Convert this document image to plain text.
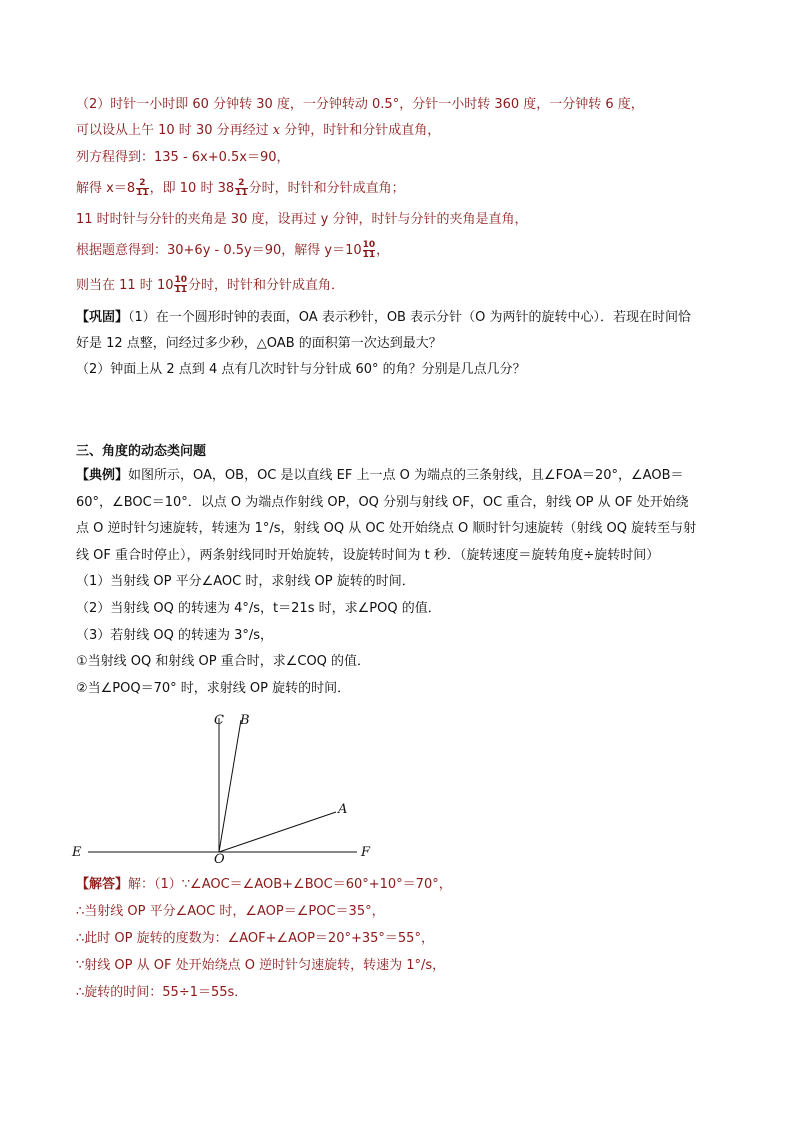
（2）时针一小时即 60 分钟转 30 度，一分钟转动 0.5°，分针一小时转 360 度，一分钟转 6 度，
可以设从上午 10 时 30 分再经过 x 分钟，时针和分针成直角，
列方程得到：135 - 6x+0.5x＝90，
解得 $x=8 \frac{2}{11}$ ，即 10 时 $38 \frac{2}{11}$ 分时，时针和分针成直角；
11 时时针与分针的夹角是 30 度，设再过 y 分钟，时针与分针的夹角是直角，
根据题意得到：30+6y - 0.5y＝90，解得 $y=10 \frac{10}{11}$ ，
则当在 11 时 $10 \frac{10}{11}$ 分时，时针和分针成直角．
【巩固】（1）在一个圆形时钟的表面，OA 表示秒针，OB 表示分针（O 为两针的旋转中心）．若现在时间恰
好是 12 点整，问经过多少秒，△OAB 的面积第一次达到最大？
（2）钟面上从 2 点到 4 点有几次时针与分针成 60° 的角？分别是几点几分？
三、角度的动态类问题
【典例】如图所示，OA，OB，OC 是以直线 EF 上一点 O 为端点的三条射线，且∠FOA＝20°，∠AOB＝
60°，∠BOC＝10°．以点 O 为端点作射线 OP，OQ 分别与射线 OF，OC 重合，射线 OP 从 OF 处开始绕
点 O 逆时针匀速旋转，转速为 1°/s，射线 OQ 从 OC 处开始绕点 O 顺时针匀速旋转（射线 OQ 旋转至与射
线 OF 重合时停止），两条射线同时开始旋转，设旋转时间为 t 秒．（旋转速度＝旋转角度÷旋转时间）
（1）当射线 OP 平分∠AOC 时，求射线 OP 旋转的时间．
（2）当射线 OQ 的转速为 4°/s，t＝21s 时，求∠POQ 的值．
（3）若射线 OQ 的转速为 3°/s，
①当射线 OQ 和射线 OP 重合时，求∠COQ 的值．
②当∠POQ＝70° 时，求射线 OP 旋转的时间．
C B
A
E	O	F
【解答】解：（1）∵∠AOC＝∠AOB+∠BOC＝60°+10°＝70°，
∴当射线 OP 平分∠AOC 时，∠AOP＝∠POC＝35°，
∴此时 OP 旋转的度数为：∠AOF+∠AOP＝20°+35°＝55°，
∵射线 OP 从 OF 处开始绕点 O 逆时针匀速旋转，转速为 1°/s，
∴旋转的时间：55÷1＝55s．
